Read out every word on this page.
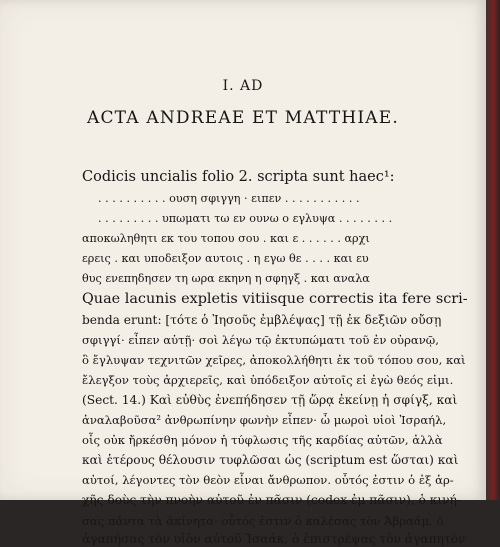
I. AD
ACTA ANDREAE ET MATTHIAE.
Codicis uncialis folio 2. scripta sunt haec¹:
. . . . . . . . . . ουση σφιγγη · ειπεν . . . . . . . . . . .
. . . . . . . . . υπωματι τω εν ουνω ο εγλυψα . . . . . . . .
αποκωληθητι εκ του τοπου σου . και ε . . . . . . αρχι
ερεις . και υποδειξον αυτοις . η εγω θε . . . . και ευ
θυς ενεπηδησεν τη ωρα εκηνη η σφηγξ . και αναλα
Quae lacunis expletis vitiisque correctis ita fere scri-
benda erunt: [τότε ὁ Ἰησοῦς ἐμβλέψας] τῇ ἐκ δεξιῶν οὔσῃ
σφιγγί· εἶπεν αὐτῇ· σοὶ λέγω τῷ ἐκτυπώματι τοῦ ἐν οὐρανῷ,
ὃ ἔγλυψαν τεχνιτῶν χεῖρες, ἀποκολλήθητι ἐκ τοῦ τόπου σου, καὶ
ἔλεγξον τοὺς ἀρχιερεῖς, καὶ ὑπόδειξον αὐτοῖς εἰ ἐγὼ θεός εἰμι.
(Sect. 14.) Καὶ εὐθὺς ἐνεπήδησεν τῇ ὥρᾳ ἐκείνῃ ἡ σφίγξ, καὶ
ἀναλαβοῦσα² ἀνθρωπίνην φωνὴν εἶπεν· ὦ μωροὶ υἱοὶ Ἰσραήλ,
οἷς οὐκ ἤρκέσθη μόνον ἡ τύφλωσις τῆς καρδίας αὐτῶν, ἀλλὰ
καὶ ἑτέρους θέλουσιν τυφλῶσαι ὡς (scriptum est ὥσται) καὶ
αὐτοί, λέγοντες τὸν θεὸν εἶναι ἄνθρωπον. οὗτός ἐστιν ὁ ἐξ ἀρ-
χῆς δοὺς τὴν πνοὴν αὐτοῦ ἐν πᾶσιν (codex ἐμ πᾶσιν), ὁ κινή-
σας πάντα τὰ ἀκίνητα· οὗτός ἐστιν ὁ καλέσας τὸν Ἀβραάμ, ὁ
ἀγαπήσας τὸν υἱὸν αὐτοῦ Ἰσαάκ, ὁ ἐπιστρέψας τὸν ἀγαπητὸν
